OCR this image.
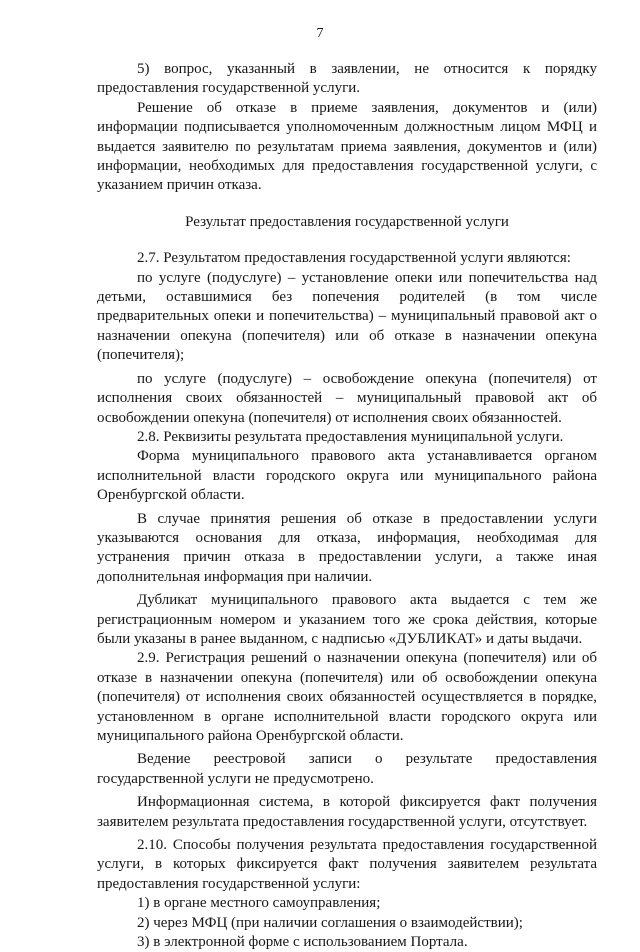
7

5) вопрос, указанный в заявлении, не относится к порядку предоставления государственной услуги.

Решение об отказе в приеме заявления, документов и (или) информации подписывается уполномоченным должностным лицом МФЦ и выдается заявителю по результатам приема заявления, документов и (или) информации, необходимых для предоставления государственной услуги, с указанием причин отказа.

Результат предоставления государственной услуги

2.7. Результатом предоставления государственной услуги являются:

по услуге (подуслуге) – установление опеки или попечительства над детьми, оставшимися без попечения родителей (в том числе предварительных опеки и попечительства) – муниципальный правовой акт о назначении опекуна (попечителя) или об отказе в назначении опекуна (попечителя);

по услуге (подуслуге) – освобождение опекуна (попечителя) от исполнения своих обязанностей – муниципальный правовой акт об освобождении опекуна (попечителя) от исполнения своих обязанностей.

2.8. Реквизиты результата предоставления муниципальной услуги.

Форма муниципального правового акта устанавливается органом исполнительной власти городского округа или муниципального района Оренбургской области.

В случае принятия решения об отказе в предоставлении услуги указываются основания для отказа, информация, необходимая для устранения причин отказа в предоставлении услуги, а также иная дополнительная информация при наличии.

Дубликат муниципального правового акта выдается с тем же регистрационным номером и указанием того же срока действия, которые были указаны в ранее выданном, с надписью «ДУБЛИКАТ» и даты выдачи.

2.9. Регистрация решений о назначении опекуна (попечителя) или об отказе в назначении опекуна (попечителя) или об освобождении опекуна (попечителя) от исполнения своих обязанностей осуществляется в порядке, установленном в органе исполнительной власти городского округа или муниципального района Оренбургской области.

Ведение реестровой записи о результате предоставления государственной услуги не предусмотрено.

Информационная система, в которой фиксируется факт получения заявителем результата предоставления государственной услуги, отсутствует.

2.10. Способы получения результата предоставления государственной услуги, в которых фиксируется факт получения заявителем результата предоставления государственной услуги:

1) в органе местного самоуправления;

2) через МФЦ (при наличии соглашения о взаимодействии);

3) в электронной форме с использованием Портала.
